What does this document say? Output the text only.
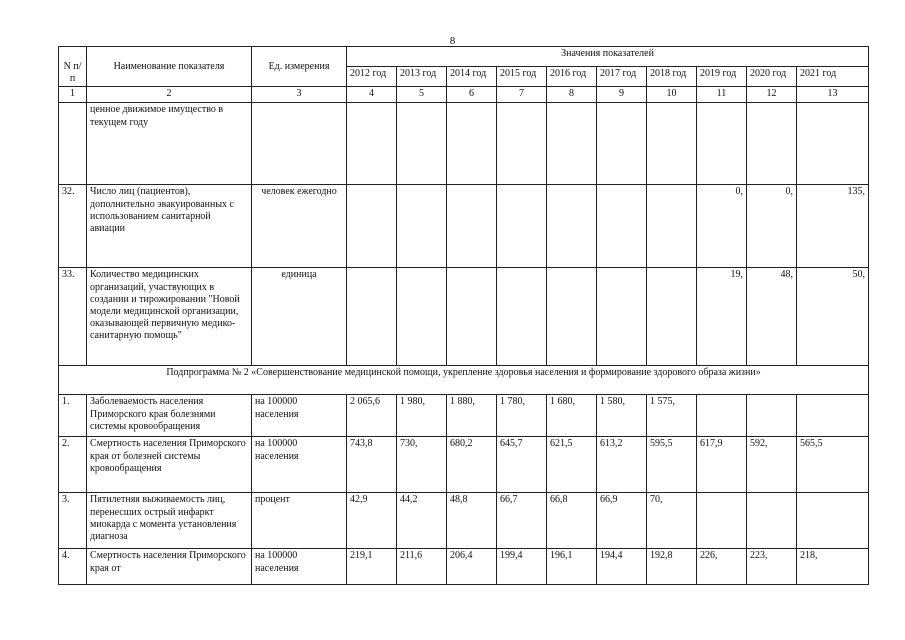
8
N п/п	Наименование показателя	Ед. измерения	Значения показателей									
			2012 год	2013 год	2014 год	2015 год	2016 год	2017 год	2018 год	2019 год	2020 год	2021 год
1	2	3	4	5	6	7	8	9	10	11	12	13
	ценное движимое имущество в текущем году											
32.	Число лиц (пациентов), дополнительно эвакуированных с использованием санитарной авиации	человек ежегодно								0,	0,	135,
33.	Количество медицинских организаций, участвующих в создании и тирожировании "Новой модели медицинской организации, оказывающей первичную медико-санитарную помощь"	единица								19,	48,	50,
Подпрограмма № 2 «Совершенствование медицинской помощи, укрепление здоровья населения и формирование здорового образа жизни»												
1.	Заболеваемость населения Приморского края болезнями системы кровообращения	на 100000 населения	2 065,6	1 980,	1 880,	1 780,	1 680,	1 580,	1 575,			
2.	Смертность населения Приморского края от болезней системы кровообращения	на 100000 населения	743,8	730,	680,2	645,7	621,5	613,2	595,5	617,9	592,	565,5
3.	Пятилетняя выживаемость лиц, перенесших острый инфаркт миокарда с момента установления диагноза	процент	42,9	44,2	48,8	66,7	66,8	66,9	70,			
4.	Смертность населения Приморского края от	на 100000 населения	219,1	211,6	206,4	199,4	196,1	194,4	192,8	226,	223,	218,
